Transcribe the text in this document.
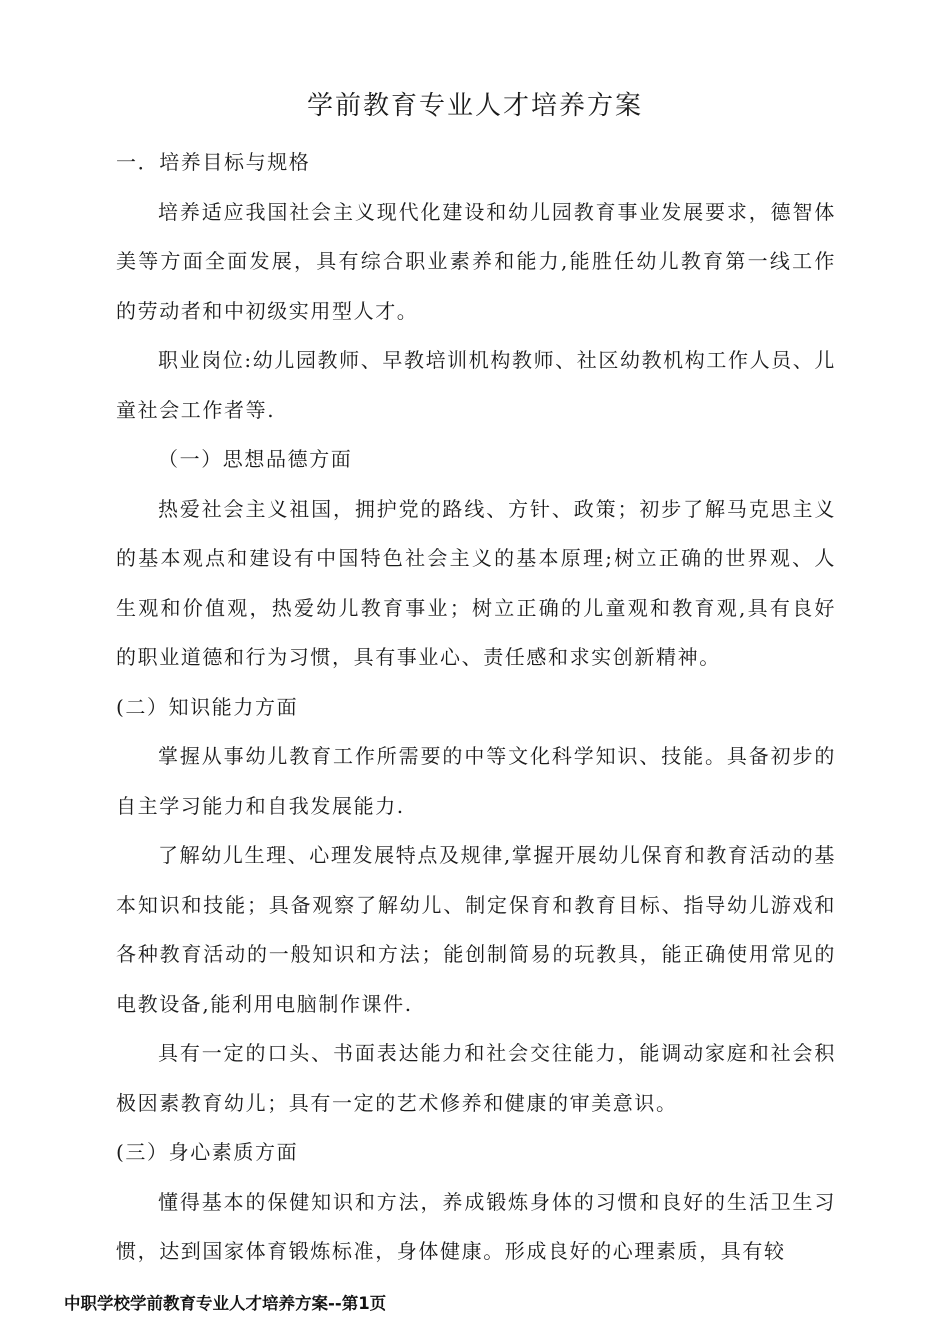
学前教育专业人才培养方案

一．培养目标与规格

培养适应我国社会主义现代化建设和幼儿园教育事业发展要求，德智体美等方面全面发展，具有综合职业素养和能力,能胜任幼儿教育第一线工作的劳动者和中初级实用型人才。

职业岗位:幼儿园教师、早教培训机构教师、社区幼教机构工作人员、儿童社会工作者等.

（一）思想品德方面

热爱社会主义祖国，拥护党的路线、方针、政策；初步了解马克思主义的基本观点和建设有中国特色社会主义的基本原理;树立正确的世界观、人生观和价值观，热爱幼儿教育事业；树立正确的儿童观和教育观,具有良好的职业道德和行为习惯，具有事业心、责任感和求实创新精神。

(二）知识能力方面

掌握从事幼儿教育工作所需要的中等文化科学知识、技能。具备初步的自主学习能力和自我发展能力.

了解幼儿生理、心理发展特点及规律,掌握开展幼儿保育和教育活动的基本知识和技能；具备观察了解幼儿、制定保育和教育目标、指导幼儿游戏和各种教育活动的一般知识和方法；能创制简易的玩教具，能正确使用常见的电教设备,能利用电脑制作课件.

具有一定的口头、书面表达能力和社会交往能力，能调动家庭和社会积极因素教育幼儿；具有一定的艺术修养和健康的审美意识。

(三）身心素质方面

懂得基本的保健知识和方法，养成锻炼身体的习惯和良好的生活卫生习惯，达到国家体育锻炼标准，身体健康。形成良好的心理素质，具有较

中职学校学前教育专业人才培养方案--第1页
